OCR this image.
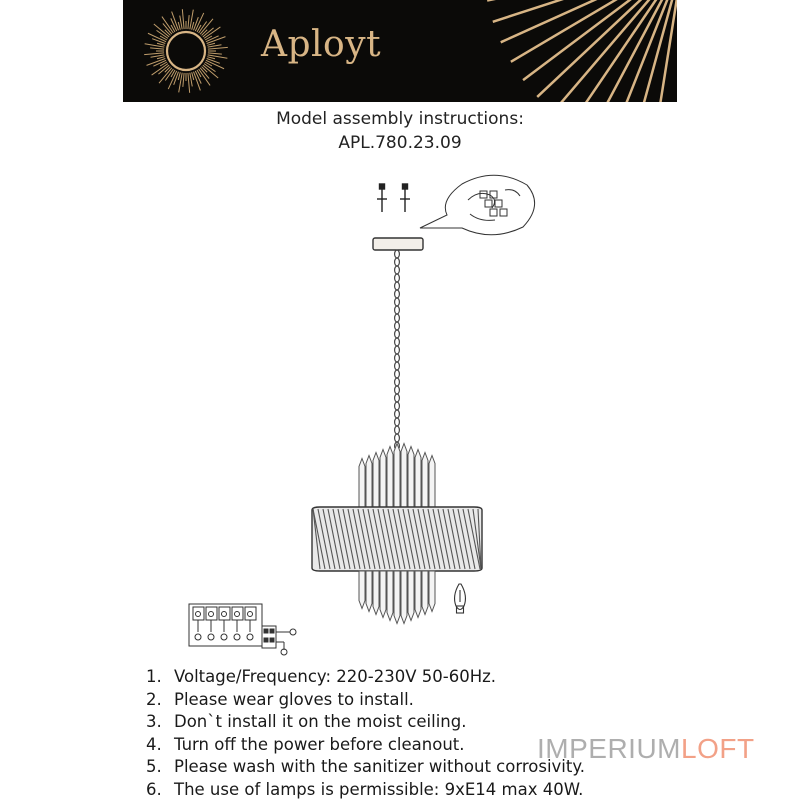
Aployt
Model assembly instructions:
APL.780.23.09
1. Voltage/Frequency: 220-230V 50-60Hz.
2. Please wear gloves to install.
3. Don`t install it on the moist ceiling.
4. Turn off the power before cleanout.
5. Please wash with the sanitizer without corrosivity.
6. The use of lamps is permissible: 9xE14 max 40W.
IMPERIUMLOFT
